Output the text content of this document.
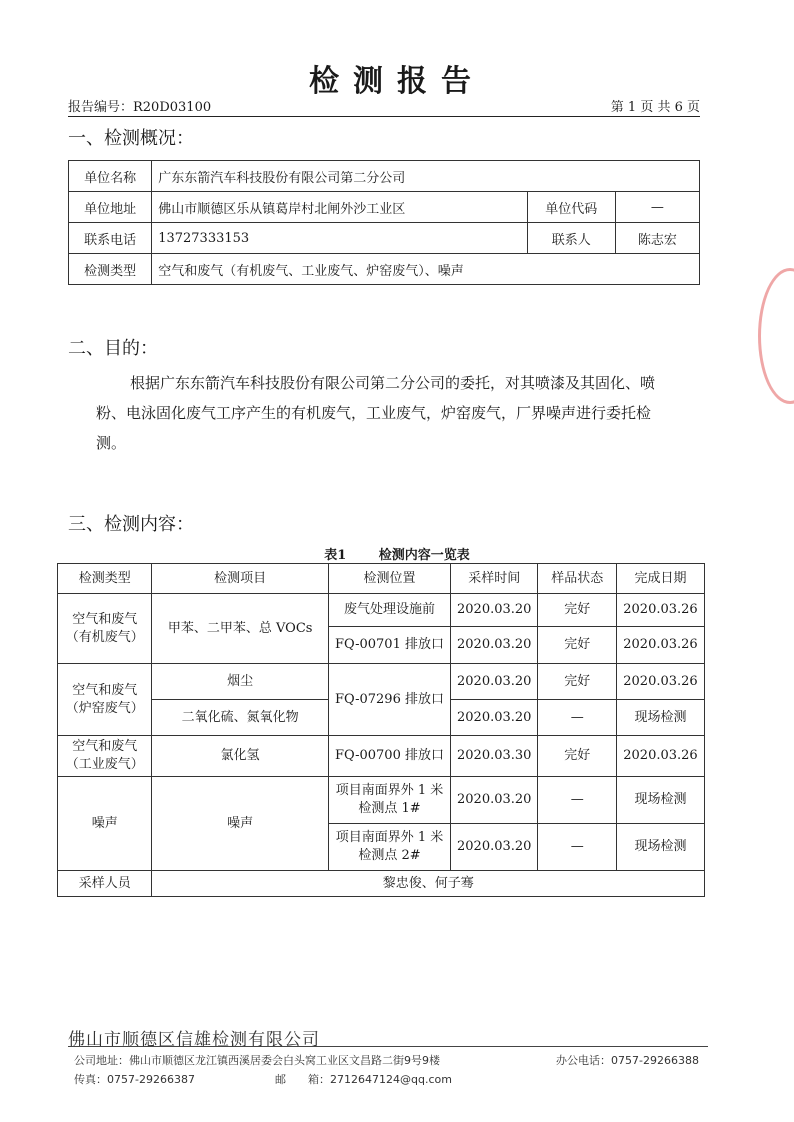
检测报告
报告编号：R20D03100	第 1 页 共 6 页
一、检测概况：
单位名称	广东东箭汽车科技股份有限公司第二分公司		
单位地址	佛山市顺德区乐从镇葛岸村北闸外沙工业区	单位代码	—
联系电话	13727333153	联系人	陈志宏
检测类型	空气和废气（有机废气、工业废气、炉窑废气）、噪声		
二、目的：
根据广东东箭汽车科技股份有限公司第二分公司的委托，对其喷漆及其固化、喷
粉、电泳固化废气工序产生的有机废气，工业废气，炉窑废气，厂界噪声进行委托检
测。
三、检测内容：
表1	检测内容一览表
检测类型	检测项目	检测位置	采样时间	样品状态	完成日期
空气和废气（有机废气）	甲苯、二甲苯、总 VOCs	废气处理设施前	2020.03.20	完好	2020.03.26
		FQ-00701 排放口	2020.03.20	完好	2020.03.26
空气和废气（炉窑废气）	烟尘	FQ-07296 排放口	2020.03.20	完好	2020.03.26
	二氧化硫、氮氧化物		2020.03.20	—	现场检测
空气和废气（工业废气）	氯化氢	FQ-00700 排放口	2020.03.30	完好	2020.03.26
噪声	噪声	项目南面界外 1 米检测点 1#	2020.03.20	—	现场检测
		项目南面界外 1 米检测点 2#	2020.03.20	—	现场检测
采样人员	黎忠俊、何子骞				
佛山市顺德区信雄检测有限公司
公司地址：佛山市顺德区龙江镇西溪居委会白头窝工业区文昌路二街9号9楼	办公电话：0757-29266388
传真：0757-29266387	邮　　箱：2712647124@qq.com
